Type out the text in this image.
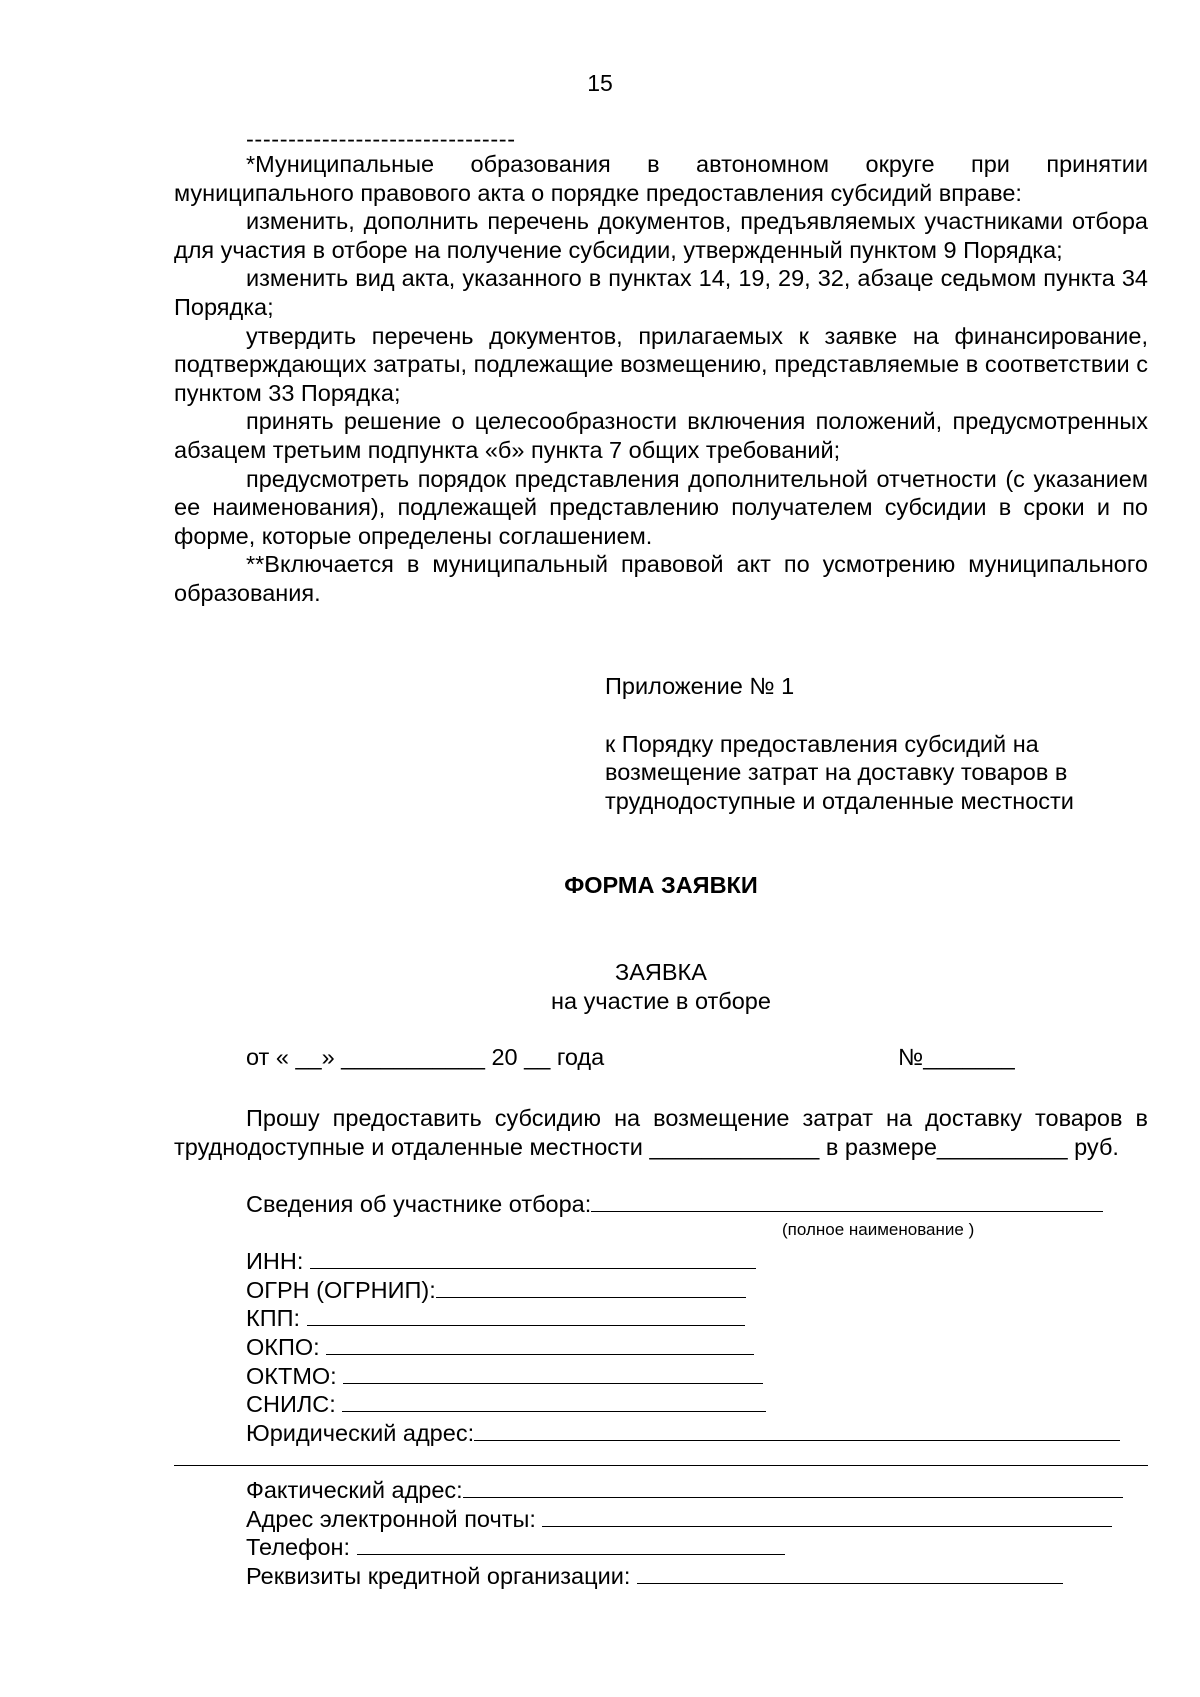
15
--------------------------------

*Муниципальные образования в автономном округе при принятии муниципального правового акта о порядке предоставления субсидий вправе:

изменить, дополнить перечень документов, предъявляемых участниками отбора для участия в отборе на получение субсидии, утвержденный пунктом 9 Порядка;

изменить вид акта, указанного в пунктах 14, 19, 29, 32, абзаце седьмом пункта 34 Порядка;

утвердить перечень документов, прилагаемых к заявке на финансирование, подтверждающих затраты, подлежащие возмещению, представляемые в соответствии с пунктом 33 Порядка;

принять решение о целесообразности включения положений, предусмотренных абзацем третьим подпункта «б» пункта 7 общих требований;

предусмотреть порядок представления дополнительной отчетности (с указанием ее наименования), подлежащей представлению получателем субсидии в сроки и по форме, которые определены соглашением.

**Включается в муниципальный правовой акт по усмотрению муниципального образования.

Приложение № 1

к Порядку предоставления субсидий на возмещение затрат на доставку товаров в труднодоступные и отдаленные местности

ФОРМА ЗАЯВКИ
ЗАЯВКА
на участие в отборе
от « __» ___________ 20 __ года	№_______

Прошу предоставить субсидию на возмещение затрат на доставку товаров в труднодоступные и отдаленные местности _____________ в размере__________ руб.

Сведения об участнике отбора:
ИНН:
ОГРН (ОГРНИП):
КПП:
ОКПО:
ОКТМО:
СНИЛС:
Юридический адрес:
(полное наименование )
Фактический адрес:
Адрес электронной почты:
Телефон:
Реквизиты кредитной организации:
